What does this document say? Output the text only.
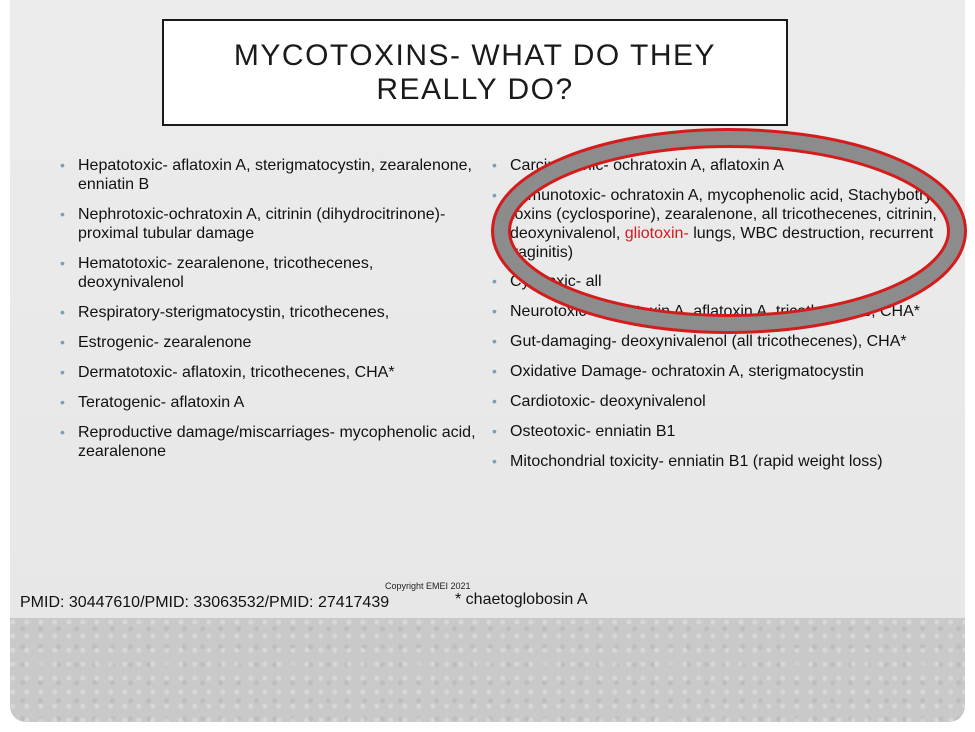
MYCOTOXINS- WHAT DO THEY REALLY DO?
• Hepatotoxic- aflatoxin A, sterigmatocystin, zearalenone, enniatin B
• Nephrotoxic-ochratoxin A, citrinin (dihydrocitrinone)- proximal tubular damage
• Hematotoxic- zearalenone, tricothecenes, deoxynivalenol
• Respiratory-sterigmatocystin, tricothecenes,
• Estrogenic- zearalenone
• Dermatotoxic- aflatoxin, tricothecenes, CHA*
• Teratogenic- aflatoxin A
• Reproductive damage/miscarriages- mycophenolic acid, zearalenone
• Carcinogenic- ochratoxin A, aflatoxin A
• Immunotoxic- ochratoxin A, mycophenolic acid, Stachybotrys toxins (cyclosporine), zearalenone, all tricothecenes, citrinin, deoxynivalenol, gliotoxin- lungs, WBC destruction, recurrent vaginitis)
• Cytotoxic- all
• Neurotoxic- ochratoxin A, aflatoxin A, tricothecenes, CHA*
• Gut-damaging- deoxynivalenol (all tricothecenes), CHA*
• Oxidative Damage- ochratoxin A, sterigmatocystin
• Cardiotoxic- deoxynivalenol
• Osteotoxic- enniatin B1
• Mitochondrial toxicity- enniatin B1 (rapid weight loss)
PMID: 30447610/PMID: 33063532/PMID: 27417439
Copyright EMEI 2021
* chaetoglobosin A
